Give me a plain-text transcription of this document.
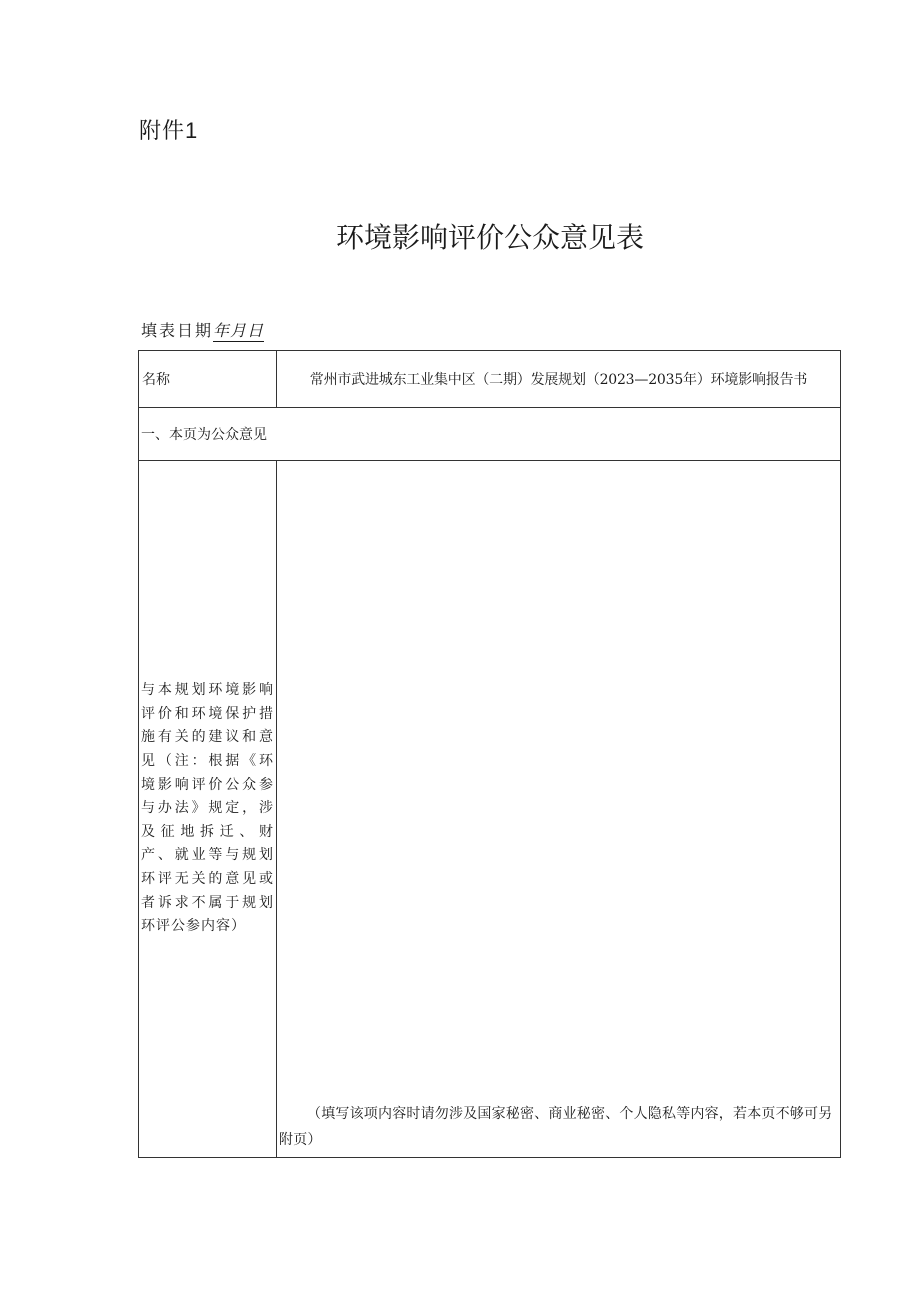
附件1
环境影响评价公众意见表
填表日期年月日
名称	常州市武进城东工业集中区（二期）发展规划（2023—2035年）环境影响报告书
一、本页为公众意见	
与本规划环境影响评价和环境保护措施有关的建议和意见（注：根据《环境影响评价公众参与办法》规定，涉及征地拆迁、财产、就业等与规划环评无关的意见或者诉求不属于规划环评公参内容）	（填写该项内容时请勿涉及国家秘密、商业秘密、个人隐私等内容，若本页不够可另附页）
